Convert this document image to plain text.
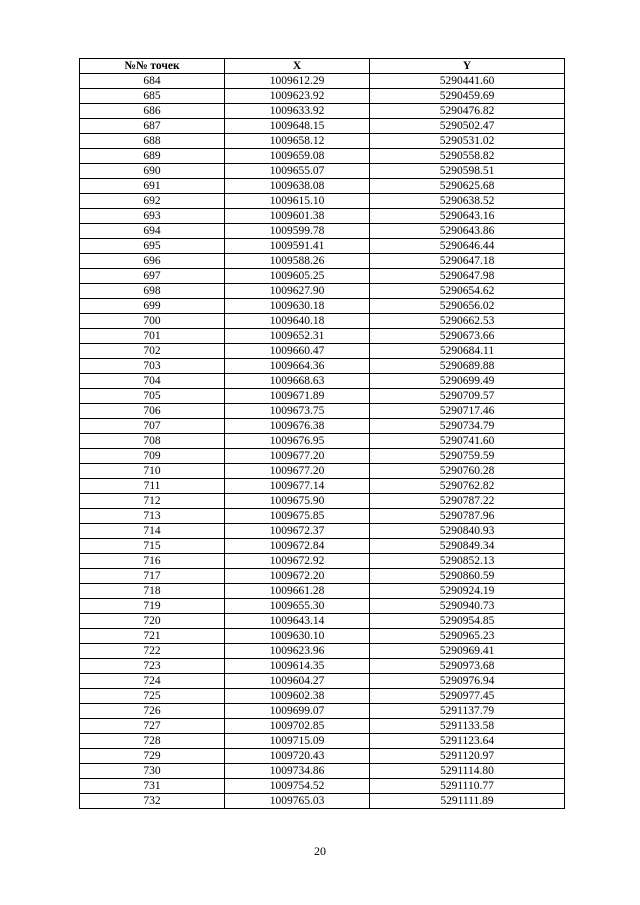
№№ точек	X	Y
684	1009612.29	5290441.60
685	1009623.92	5290459.69
686	1009633.92	5290476.82
687	1009648.15	5290502.47
688	1009658.12	5290531.02
689	1009659.08	5290558.82
690	1009655.07	5290598.51
691	1009638.08	5290625.68
692	1009615.10	5290638.52
693	1009601.38	5290643.16
694	1009599.78	5290643.86
695	1009591.41	5290646.44
696	1009588.26	5290647.18
697	1009605.25	5290647.98
698	1009627.90	5290654.62
699	1009630.18	5290656.02
700	1009640.18	5290662.53
701	1009652.31	5290673.66
702	1009660.47	5290684.11
703	1009664.36	5290689.88
704	1009668.63	5290699.49
705	1009671.89	5290709.57
706	1009673.75	5290717.46
707	1009676.38	5290734.79
708	1009676.95	5290741.60
709	1009677.20	5290759.59
710	1009677.20	5290760.28
711	1009677.14	5290762.82
712	1009675.90	5290787.22
713	1009675.85	5290787.96
714	1009672.37	5290840.93
715	1009672.84	5290849.34
716	1009672.92	5290852.13
717	1009672.20	5290860.59
718	1009661.28	5290924.19
719	1009655.30	5290940.73
720	1009643.14	5290954.85
721	1009630.10	5290965.23
722	1009623.96	5290969.41
723	1009614.35	5290973.68
724	1009604.27	5290976.94
725	1009602.38	5290977.45
726	1009699.07	5291137.79
727	1009702.85	5291133.58
728	1009715.09	5291123.64
729	1009720.43	5291120.97
730	1009734.86	5291114.80
731	1009754.52	5291110.77
732	1009765.03	5291111.89
20
